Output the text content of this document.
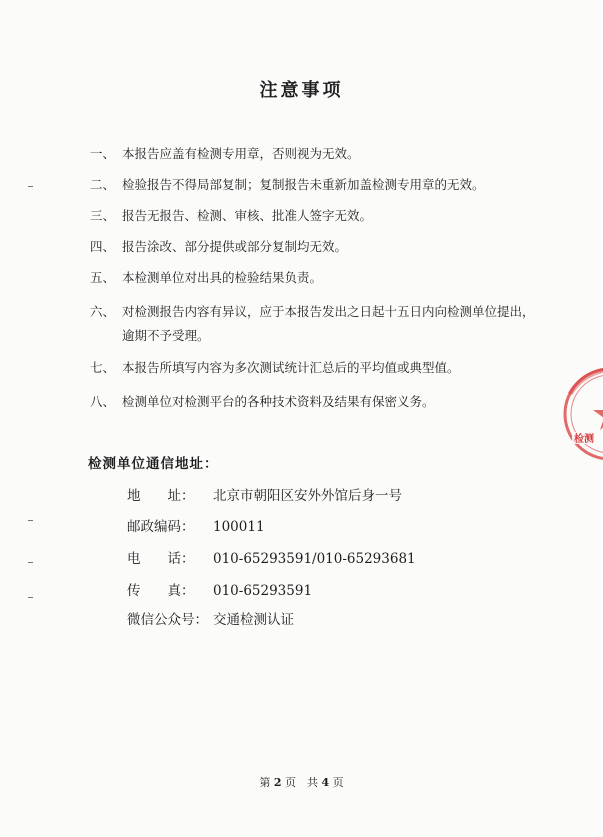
注意事项
一、 本报告应盖有检测专用章，否则视为无效。
二、 检验报告不得局部复制；复制报告未重新加盖检测专用章的无效。
三、 报告无报告、检测、审核、批准人签字无效。
四、 报告涂改、部分提供或部分复制均无效。
五、 本检测单位对出具的检验结果负责。
六、 对检测报告内容有异议，应于本报告发出之日起十五日内向检测单位提出，
逾期不予受理。
七、 本报告所填写内容为多次测试统计汇总后的平均值或典型值。
八、 检测单位对检测平台的各种技术资料及结果有保密义务。
检测单位通信地址：
地　　址： 北京市朝阳区安外外馆后身一号
邮政编码： 100011
电　　话： 010-65293591/010-65293681
传　　真： 010-65293591
微信公众号： 交通检测认证
第 2 页　共 4 页
检测
